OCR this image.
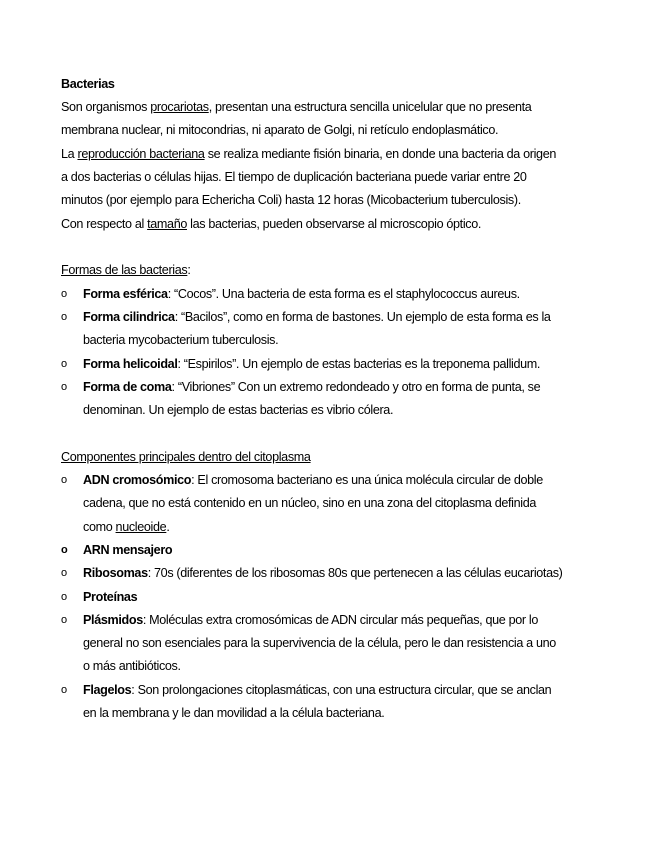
Bacterias
Son organismos procariotas, presentan una estructura sencilla unicelular que no presenta
membrana nuclear, ni mitocondrias, ni aparato de Golgi, ni retículo endoplasmático.
La reproducción bacteriana se realiza mediante fisión binaria, en donde una bacteria da origen
a dos bacterias o células hijas. El tiempo de duplicación bacteriana puede variar entre 20
minutos (por ejemplo para Echericha Coli) hasta 12 horas (Micobacterium tuberculosis).
Con respecto al tamaño las bacterias, pueden observarse al microscopio óptico.
Formas de las bacterias:
o Forma esférica: “Cocos”. Una bacteria de esta forma es el staphylococcus aureus.
o Forma cilindrica: “Bacilos”, como en forma de bastones. Un ejemplo de esta forma es la
bacteria mycobacterium tuberculosis.
o Forma helicoidal: “Espirilos”. Un ejemplo de estas bacterias es la treponema pallidum.
o Forma de coma: “Vibriones” Con un extremo redondeado y otro en forma de punta, se
denominan. Un ejemplo de estas bacterias es vibrio cólera.
Componentes principales dentro del citoplasma
o ADN cromosómico: El cromosoma bacteriano es una única molécula circular de doble
cadena, que no está contenido en un núcleo, sino en una zona del citoplasma definida
como nucleoide.
o ARN mensajero
o Ribosomas: 70s (diferentes de los ribosomas 80s que pertenecen a las células eucariotas)
o Proteínas
o Plásmidos: Moléculas extra cromosómicas de ADN circular más pequeñas, que por lo
general no son esenciales para la supervivencia de la célula, pero le dan resistencia a uno
o más antibióticos.
o Flagelos: Son prolongaciones citoplasmáticas, con una estructura circular, que se anclan
en la membrana y le dan movilidad a la célula bacteriana.
